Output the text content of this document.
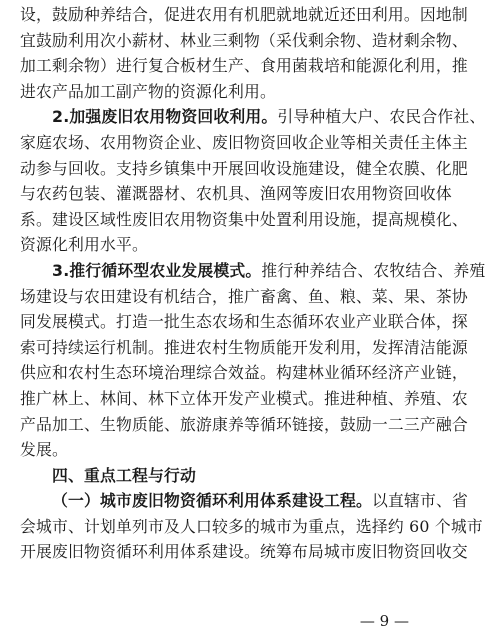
设，鼓励种养结合，促进农用有机肥就地就近还田利用。因地制
宜鼓励利用次小薪材、林业三剩物（采伐剩余物、造材剩余物、
加工剩余物）进行复合板材生产、食用菌栽培和能源化利用，推
进农产品加工副产物的资源化利用。
2.加强废旧农用物资回收利用。引导种植大户、农民合作社、
家庭农场、农用物资企业、废旧物资回收企业等相关责任主体主
动参与回收。支持乡镇集中开展回收设施建设，健全农膜、化肥
与农药包装、灌溉器材、农机具、渔网等废旧农用物资回收体
系。建设区域性废旧农用物资集中处置利用设施，提高规模化、
资源化利用水平。
3.推行循环型农业发展模式。推行种养结合、农牧结合、养殖
场建设与农田建设有机结合，推广畜禽、鱼、粮、菜、果、茶协
同发展模式。打造一批生态农场和生态循环农业产业联合体，探
索可持续运行机制。推进农村生物质能开发利用，发挥清洁能源
供应和农村生态环境治理综合效益。构建林业循环经济产业链，
推广林上、林间、林下立体开发产业模式。推进种植、养殖、农
产品加工、生物质能、旅游康养等循环链接，鼓励一二三产融合
发展。
四、重点工程与行动
（一）城市废旧物资循环利用体系建设工程。以直辖市、省
会城市、计划单列市及人口较多的城市为重点，选择约 60 个城市
开展废旧物资循环利用体系建设。统筹布局城市废旧物资回收交
— 9 —
